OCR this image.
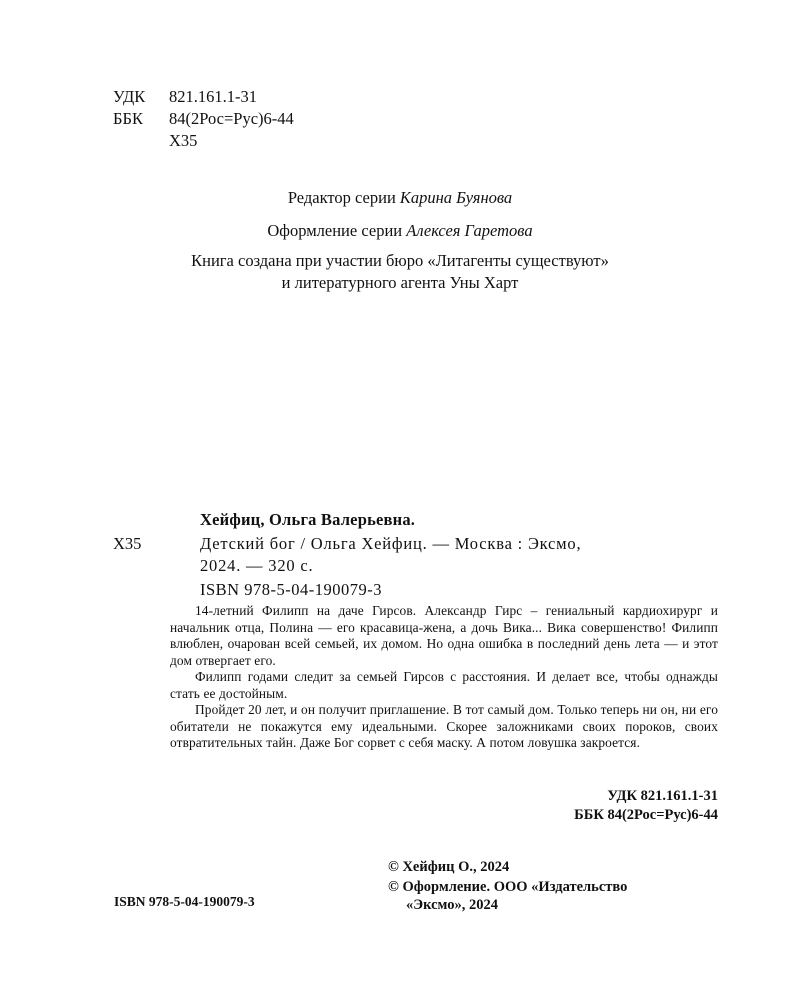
УДК 821.161.1-31
ББК 84(2Рос=Рус)6-44
Х35
Редактор серии Карина Буянова
Оформление серии Алексея Гаретова
Книга создана при участии бюро «Литагенты существуют»
и литературного агента Уны Харт
Хейфиц, Ольга Валерьевна.
Х35	Детский бог / Ольга Хейфиц. — Москва : Эксмо,
2024. — 320 с.
ISBN 978-5-04-190079-3

14-летний Филипп на даче Гирсов. Александр Гирс – гениальный кардиохирург и начальник отца, Полина — его красавица-жена, а дочь Вика... Вика совершенство! Филипп влюблен, очарован всей семьей, их домом. Но одна ошибка в последний день лета — и этот дом отвергает его.

Филипп годами следит за семьей Гирсов с расстояния. И делает все, чтобы однажды стать ее достойным.

Пройдет 20 лет, и он получит приглашение. В тот самый дом. Только теперь ни он, ни его обитатели не покажутся ему идеальными. Скорее заложниками своих пороков, своих отвратительных тайн. Даже Бог сорвет с себя маску. А потом ловушка закроется.

УДК 821.161.1-31
ББК 84(2Рос=Рус)6-44
© Хейфиц О., 2024
© Оформление. ООО «Издательство
«Эксмо», 2024
ISBN 978-5-04-190079-3
